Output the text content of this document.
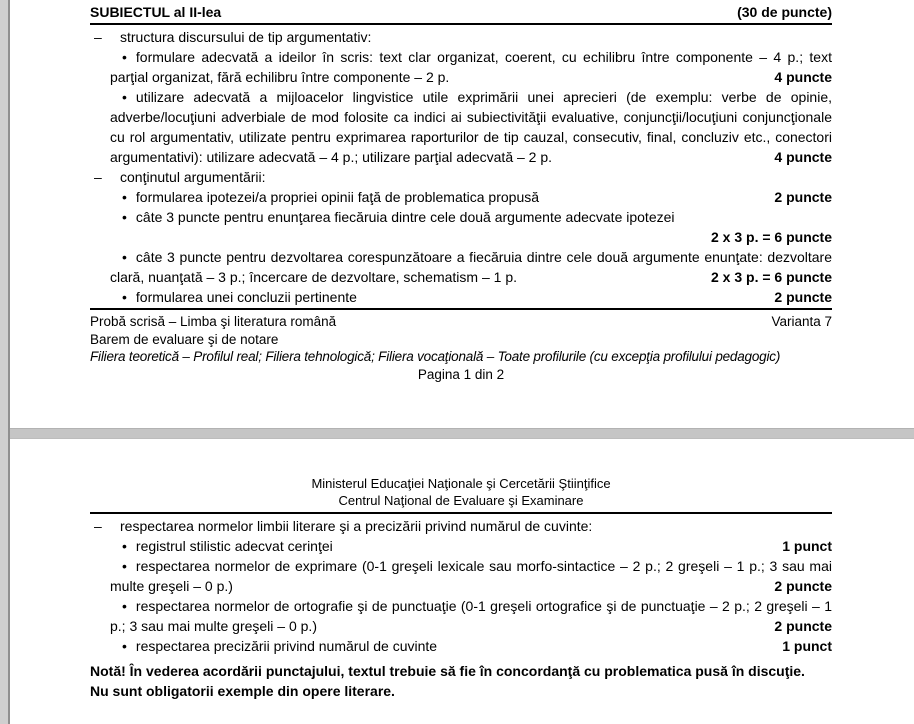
SUBIECTUL al II-lea	(30 de puncte)
–	structura discursului de tip argumentativ:

• formulare adecvată a ideilor în scris: text clar organizat, coerent, cu echilibru între componente – 4 p.; text parţial organizat, fără echilibru între componente – 2 p.	4 puncte

• utilizare adecvată a mijloacelor lingvistice utile exprimării unei aprecieri (de exemplu: verbe de opinie, adverbe/locuţiuni adverbiale de mod folosite ca indici ai subiectivităţii evaluative, conjuncţii/locuţiuni conjuncţionale cu rol argumentativ, utilizate pentru exprimarea raporturilor de tip cauzal, consecutiv, final, concluziv etc., conectori argumentativi): utilizare adecvată – 4 p.; utilizare parţial adecvată – 2 p.	4 puncte

–	conţinutul argumentării:

• formularea ipotezei/a propriei opinii faţă de problematica propusă	2 puncte

• câte 3 puncte pentru enunţarea fiecăruia dintre cele două argumente adecvate ipotezei

2 x 3 p. = 6 puncte

• câte 3 puncte pentru dezvoltarea corespunzătoare a fiecăruia dintre cele două argumente enunţate: dezvoltare clară, nuanţată – 3 p.; încercare de dezvoltare, schematism – 1 p.	2 x 3 p. = 6 puncte

• formularea unei concluzii pertinente	2 puncte

Probă scrisă – Limba şi literatura română	Varianta 7
Barem de evaluare şi de notare
Filiera teoretică – Profilul real; Filiera tehnologică; Filiera vocaţională – Toate profilurile (cu excepţia profilului pedagogic)
Pagina 1 din 2
Ministerul Educaţiei Naţionale şi Cercetării Ştiinţifice
Centrul Naţional de Evaluare şi Examinare
–	respectarea normelor limbii literare şi a precizării privind numărul de cuvinte:

• registrul stilistic adecvat cerinţei	1 punct

• respectarea normelor de exprimare (0-1 greşeli lexicale sau morfo-sintactice – 2 p.; 2 greşeli – 1 p.; 3 sau mai multe greşeli – 0 p.)	2 puncte

• respectarea normelor de ortografie şi de punctuaţie (0-1 greşeli ortografice şi de punctuaţie – 2 p.; 2 greşeli – 1 p.; 3 sau mai multe greşeli – 0 p.)	2 puncte

• respectarea precizării privind numărul de cuvinte	1 punct

Notă! În vederea acordării punctajului, textul trebuie să fie în concordanţă cu problematica pusă în discuţie.
Nu sunt obligatorii exemple din opere literare.
